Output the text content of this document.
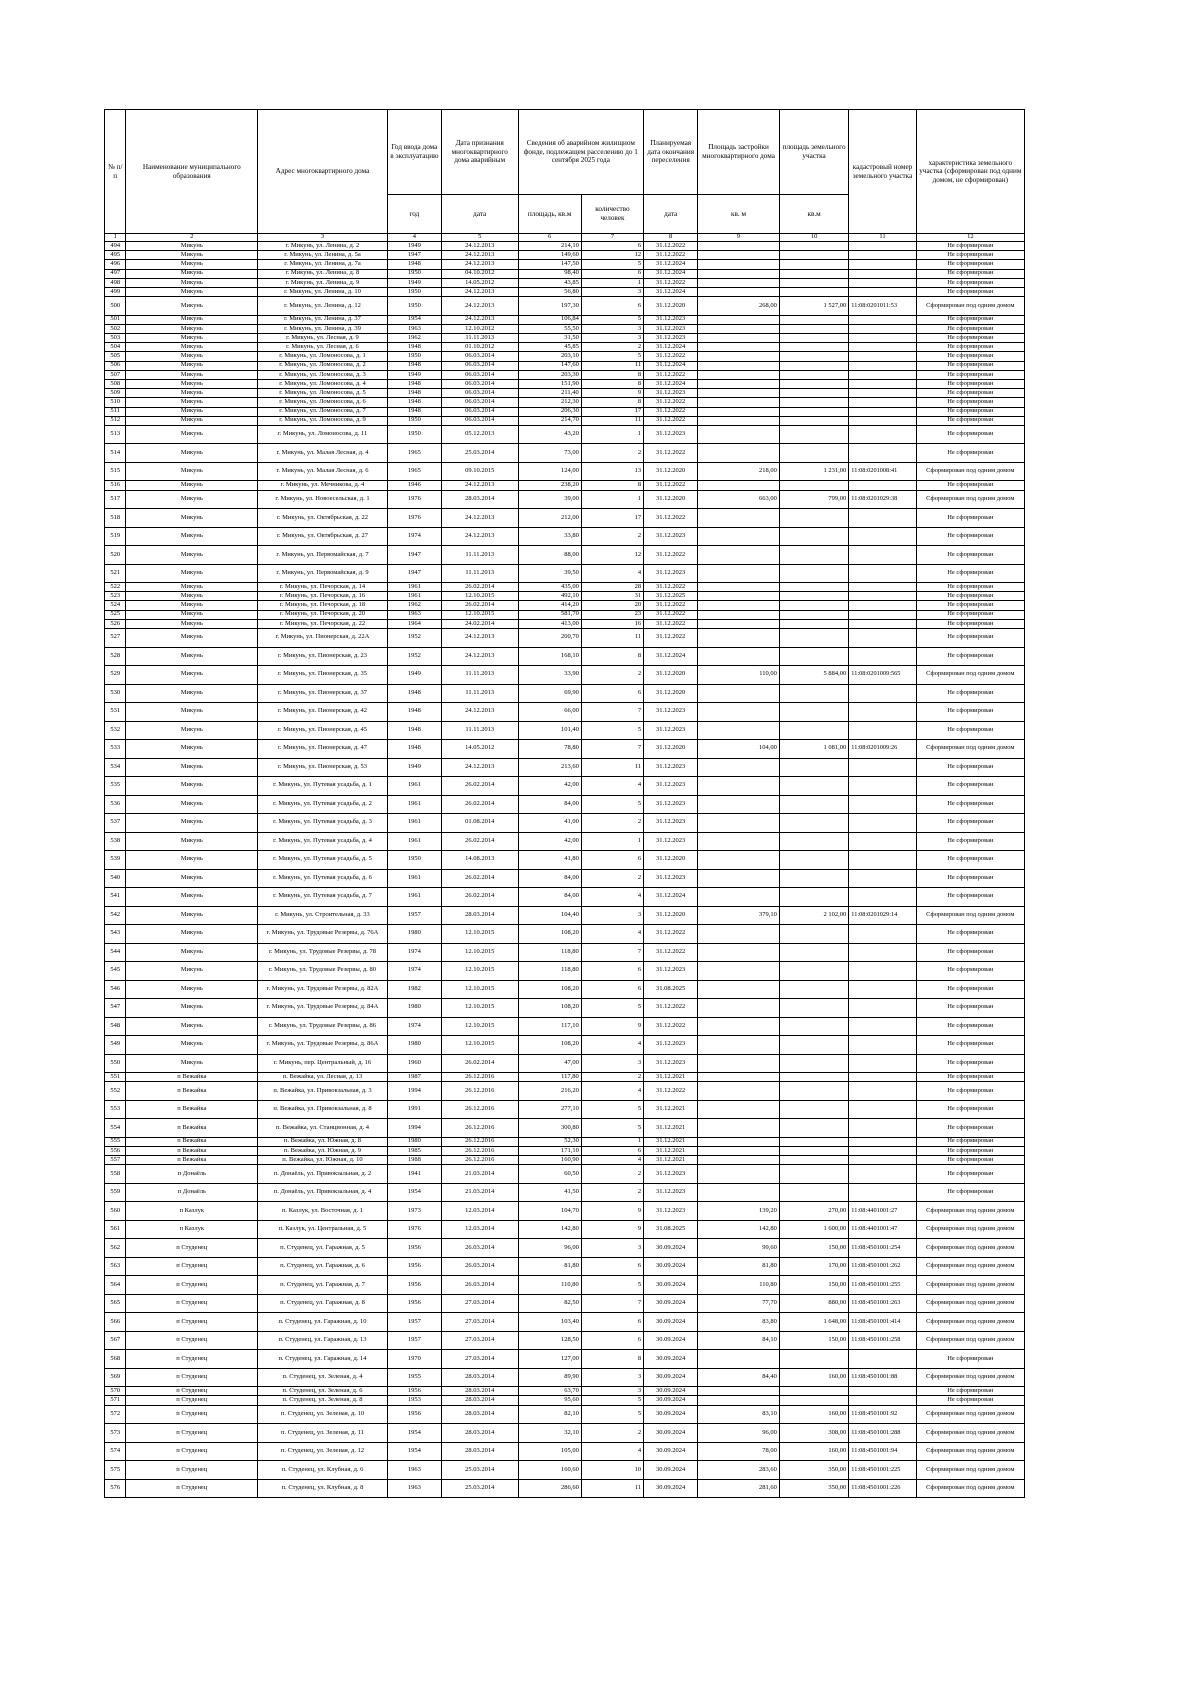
№ п/п	Наименование муниципального образования	Адрес многоквартирного дома	Год ввода дома в эксплуатацию	Дата признания многоквартирного дома аварийным	Сведения об аварийном жилищном фонде, подлежащем расселению до 1 сентября 2025 года		Планируемая дата окончания переселения	Площадь застройки многоквартирного дома	площадь земельного участка	кадастровый номер земельного участка	характеристика земельного участка (сформирован под одним домом, не сформирован)
			год	дата	площадь, кв.м	количество человек	дата	кв. м	кв.м		
1	2	3	4	5	6	7	8	9	10	11	12
494	Микунь	г. Микунь, ул. Ленина, д. 2	1949	24.12.2013	214,10	6	31.12.2022				Не сформирован
495	Микунь	г. Микунь, ул. Ленина, д. 5а	1947	24.12.2013	149,60	12	31.12.2022				Не сформирован
496	Микунь	г. Микунь, ул. Ленина, д. 7а	1948	24.12.2013	147,50	5	31.12.2024				Не сформирован
497	Микунь	г. Микунь, ул. Ленина, д. 8	1950	04.10.2012	98,40	6	31.12.2024				Не сформирован
498	Микунь	г. Микунь, ул. Ленина, д. 9	1949	14.05.2012	43,85	1	31.12.2022				Не сформирован
499	Микунь	г. Микунь, ул. Ленина, д. 10	1950	24.12.2013	56,80	3	31.12.2024				Не сформирован
500	Микунь	г. Микунь, ул. Ленина, д. 12	1950	24.12.2013	197,30	6	31.12.2020	268,00	1 527,00	11:08:0201011:53	Сформирован под одним домом
501	Микунь	г. Микунь, ул. Ленина, д. 37	1954	24.12.2013	106,84	5	31.12.2023				Не сформирован
502	Микунь	г. Микунь, ул. Ленина, д. 39	1963	12.10.2012	55,50	3	31.12.2023				Не сформирован
503	Микунь	г. Микунь, ул. Лесная, д. 9	1962	11.11.2013	31,50	3	31.12.2023				Не сформирован
504	Микунь	г. Микунь, ул. Лесная, д. 6	1948	01.10.2012	45,85	2	31.12.2024				Не сформирован
505	Микунь	г. Микунь, ул. Ломоносова, д. 1	1950	06.03.2014	203,10	5	31.12.2022				Не сформирован
506	Микунь	г. Микунь, ул. Ломоносова, д. 2	1948	06.03.2014	147,60	11	31.12.2024				Не сформирован
507	Микунь	г. Микунь, ул. Ломоносова, д. 3	1949	06.03.2014	203,30	8	31.12.2022				Не сформирован
508	Микунь	г. Микунь, ул. Ломоносова, д. 4	1948	06.03.2014	151,90	8	31.12.2024				Не сформирован
509	Микунь	г. Микунь, ул. Ломоносова, д. 5	1948	06.03.2014	211,40	9	31.12.2023				Не сформирован
510	Микунь	г. Микунь, ул. Ломоносова, д. 6	1948	06.03.2014	212,30	8	31.12.2022				Не сформирован
511	Микунь	г. Микунь, ул. Ломоносова, д. 7	1948	06.03.2014	206,30	17	31.12.2022				Не сформирован
512	Микунь	г. Микунь, ул. Ломоносова, д. 9	1950	06.03.2014	214,70	11	31.12.2022				Не сформирован
513	Микунь	г. Микунь, ул. Ломоносова, д. 11	1950	05.12.2013	43,20	1	31.12.2023				Не сформирован
514	Микунь	г. Микунь, ул. Малая Лесная, д. 4	1965	25.03.2014	73,00	2	31.12.2022				Не сформирован
515	Микунь	г. Микунь, ул. Малая Лесная, д. 6	1965	09.10.2015	124,00	13	31.12.2020	218,00	1 231,00	11:08:0201008:41	Сформирован под одним домом
516	Микунь	г. Микунь, ул. Мечникова, д. 4	1946	24.12.2013	238,20	8	31.12.2022				Не сформирован
517	Микунь	г. Микунь, ул. Новоесельская, д. 1	1976	28.03.2014	39,00	1	31.12.2020	663,00	799,00	11:08:0201029:38	Сформирован под одним домом
518	Микунь	г. Микунь, ул. Октябрьская, д. 22	1976	24.12.2013	212,00	17	31.12.2022				Не сформирован
519	Микунь	г. Микунь, ул. Октябрьская, д. 27	1974	24.12.2013	33,80	2	31.12.2023				Не сформирован
520	Микунь	г. Микунь, ул. Первомайская, д. 7	1947	11.11.2013	88,00	12	31.12.2022				Не сформирован
521	Микунь	г. Микунь, ул. Первомайская, д. 9	1947	11.11.2013	39,50	4	31.12.2023				Не сформирован
522	Микунь	г. Микунь, ул. Печорская, д. 14	1961	26.02.2014	435,00	28	31.12.2022				Не сформирован
523	Микунь	г. Микунь, ул. Печорская, д. 16	1961	12.10.2015	492,10	31	31.12.2025				Не сформирован
524	Микунь	г. Микунь, ул. Печорская, д. 18	1962	26.02.2014	414,20	20	31.12.2022				Не сформирован
525	Микунь	г. Микунь, ул. Печорская, д. 20	1963	12.10.2015	581,70	23	31.12.2022				Не сформирован
526	Микунь	г. Микунь, ул. Печорская, д. 22	1964	24.02.2014	413,00	16	31.12.2022				Не сформирован
527	Микунь	г. Микунь, ул. Пионерская, д. 22А	1952	24.12.2013	200,70	11	31.12.2022				Не сформирован
528	Микунь	г. Микунь, ул. Пионерская, д. 23	1952	24.12.2013	168,10	8	31.12.2024				Не сформирован
529	Микунь	г. Микунь, ул. Пионерская, д. 35	1949	11.11.2013	33,90	2	31.12.2020	110,00	5 884,00	11:08:0201009:565	Сформирован под одним домом
530	Микунь	г. Микунь, ул. Пионерская, д. 37	1948	11.11.2013	69,90	6	31.12.2020				Не сформирован
531	Микунь	г. Микунь, ул. Пионерская, д. 42	1948	24.12.2013	66,00	7	31.12.2023				Не сформирован
532	Микунь	г. Микунь, ул. Пионерская, д. 45	1948	11.11.2013	101,40	5	31.12.2023				Не сформирован
533	Микунь	г. Микунь, ул. Пионерская, д. 47	1948	14.05.2012	78,80	7	31.12.2020	104,00	1 081,00	11:08:0201009:26	Сформирован под одним домом
534	Микунь	г. Микунь, ул. Пионерская, д. 53	1949	24.12.2013	213,60	11	31.12.2023				Не сформирован
535	Микунь	г. Микунь, ул. Путевая усадьба, д. 1	1961	26.02.2014	42,00	4	31.12.2023				Не сформирован
536	Микунь	г. Микунь, ул. Путевая усадьба, д. 2	1961	26.02.2014	84,00	5	31.12.2023				Не сформирован
537	Микунь	г. Микунь, ул. Путевая усадьба, д. 3	1961	01.08.2014	41,00	2	31.12.2023				Не сформирован
538	Микунь	г. Микунь, ул. Путевая усадьба, д. 4	1961	26.02.2014	42,00	1	31.12.2023				Не сформирован
539	Микунь	г. Микунь, ул. Путевая усадьба, д. 5	1950	14.08.2013	41,80	6	31.12.2020				Не сформирован
540	Микунь	г. Микунь, ул. Путевая усадьба, д. 6	1961	26.02.2014	84,00	2	31.12.2023				Не сформирован
541	Микунь	г. Микунь, ул. Путевая усадьба, д. 7	1961	26.02.2014	84,00	4	31.12.2024				Не сформирован
542	Микунь	г. Микунь, ул. Строительная, д. 33	1957	28.03.2014	104,40	3	31.12.2020	379,10	2 102,00	11:08:0201029:14	Сформирован под одним домом
543	Микунь	г. Микунь, ул. Трудовые Резервы, д. 76А	1980	12.10.2015	108,20	4	31.12.2022				Не сформирован
544	Микунь	г. Микунь, ул. Трудовые Резервы, д. 78	1974	12.10.2015	118,80	7	31.12.2022				Не сформирован
545	Микунь	г. Микунь, ул. Трудовые Резервы, д. 80	1974	12.10.2015	118,80	6	31.12.2023				Не сформирован
546	Микунь	г. Микунь, ул. Трудовые Резервы, д. 82А	1982	12.10.2015	108,20	6	31.08.2025				Не сформирован
547	Микунь	г. Микунь, ул. Трудовые Резервы, д. 84А	1980	12.10.2015	108,20	5	31.12.2022				Не сформирован
548	Микунь	г. Микунь, ул. Трудовые Резервы, д. 86	1974	12.10.2015	117,10	9	31.12.2022				Не сформирован
549	Микунь	г. Микунь, ул. Трудовые Резервы, д. 86А	1980	12.10.2015	108,20	4	31.12.2023				Не сформирован
550	Микунь	г. Микунь, пер. Центральный, д. 16	1960	26.02.2014	47,00	3	31.12.2023				Не сформирован
551	п Вежайка	п. Вежайка, ул. Лесная, д. 13	1987	26.12.2016	117,80	2	31.12.2021				Не сформирован
552	п Вежайка	п. Вежайка, ул. Привокзальная, д. 3	1994	26.12.2016	216,20	4	31.12.2022				Не сформирован
553	п Вежайка	п. Вежайка, ул. Привокзальная, д. 8	1991	26.12.2016	277,10	5	31.12.2021				Не сформирован
554	п Вежайка	п. Вежайка, ул. Станционная, д. 4	1994	26.12.2016	300,80	5	31.12.2021				Не сформирован
555	п Вежайка	п. Вежайка, ул. Южная, д. 8	1980	26.12.2016	52,30	1	31.12.2021				Не сформирован
556	п Вежайка	п. Вежайка, ул. Южная, д. 9	1985	26.12.2016	171,10	6	31.12.2021				Не сформирован
557	п Вежайка	п. Вежайка, ул. Южная, д. 10	1988	26.12.2016	160,90	4	31.12.2021				Не сформирован
558	п Донаёль	п. Донаёль, ул. Привокзальная, д. 2	1941	21.03.2014	60,50	2	31.12.2023				Не сформирован
559	п Донаёль	п. Донаёль, ул. Привокзальная, д. 4	1954	21.03.2014	41,50	2	31.12.2023				Не сформирован
560	п Казлук	п. Казлук, ул. Восточная, д. 1	1973	12.03.2014	104,70	9	31.12.2023	139,20	270,00	11:08:4401001:27	Сформирован под одним домом
561	п Казлук	п. Казлук, ул. Центральная, д. 5	1976	12.03.2014	142,80	9	31.08.2025	142,80	1 600,00	11:08:4401001:47	Сформирован под одним домом
562	п Студенец	п. Студенец, ул. Гаражная, д. 5	1956	26.03.2014	96,00	3	30.09.2024	99,60	150,00	11:08:4501001:254	Сформирован под одним домом
563	п Студенец	п. Студенец, ул. Гаражная, д. 6	1956	26.03.2014	81,80	6	30.09.2024	81,80	170,00	11:08:4501001:262	Сформирован под одним домом
564	п Студенец	п. Студенец, ул. Гаражная, д. 7	1956	26.03.2014	110,80	5	30.09.2024	110,80	150,00	11:08:4501001:255	Сформирован под одним домом
565	п Студенец	п. Студенец, ул. Гаражная, д. 8	1956	27.03.2014	82,50	7	30.09.2024	77,70	880,00	11:08:4501001:263	Сформирован под одним домом
566	п Студенец	п. Студенец, ул. Гаражная, д. 10	1957	27.03.2014	103,40	6	30.09.2024	83,80	1 648,00	11:08:4501001:414	Сформирован под одним домом
567	п Студенец	п. Студенец, ул. Гаражная, д. 13	1957	27.03.2014	128,50	6	30.09.2024	84,10	150,00	11:08:4501001:258	Сформирован под одним домом
568	п Студенец	п. Студенец, ул. Гаражная, д. 14	1970	27.03.2014	127,00	8	30.09.2024				Не сформирован
569	п Студенец	п. Студенец, ул. Зеленая, д. 4	1955	28.03.2014	89,90	3	30.09.2024	84,40	160,00	11:08:4501001:88	Сформирован под одним домом
570	п Студенец	п. Студенец, ул. Зеленая, д. 6	1956	28.03.2014	63,70	3	30.09.2024				Не сформирован
571	п Студенец	п. Студенец, ул. Зеленая, д. 8	1953	28.03.2014	95,60	5	30.09.2024				Не сформирован
572	п Студенец	п. Студенец, ул. Зеленая, д. 10	1956	28.03.2014	82,10	5	30.09.2024	83,10	160,00	11:08:4501001:92	Сформирован под одним домом
573	п Студенец	п. Студенец, ул. Зеленая, д. 11	1954	28.03.2014	32,10	2	30.09.2024	96,00	308,00	11:08:4501001:288	Сформирован под одним домом
574	п Студенец	п. Студенец, ул. Зеленая, д. 12	1954	28.03.2014	105,00	4	30.09.2024	78,00	160,00	11:08:4501001:94	Сформирован под одним домом
575	п Студенец	п. Студенец, ул. Клубная, д. 6	1963	25.03.2014	160,60	10	30.09.2024	283,60	350,00	11:08:4501001:225	Сформирован под одним домом
576	п Студенец	п. Студенец, ул. Клубная, д. 8	1963	25.03.2014	286,60	11	30.09.2024	281,60	350,00	11:08:4501001:226	Сформирован под одним домом
